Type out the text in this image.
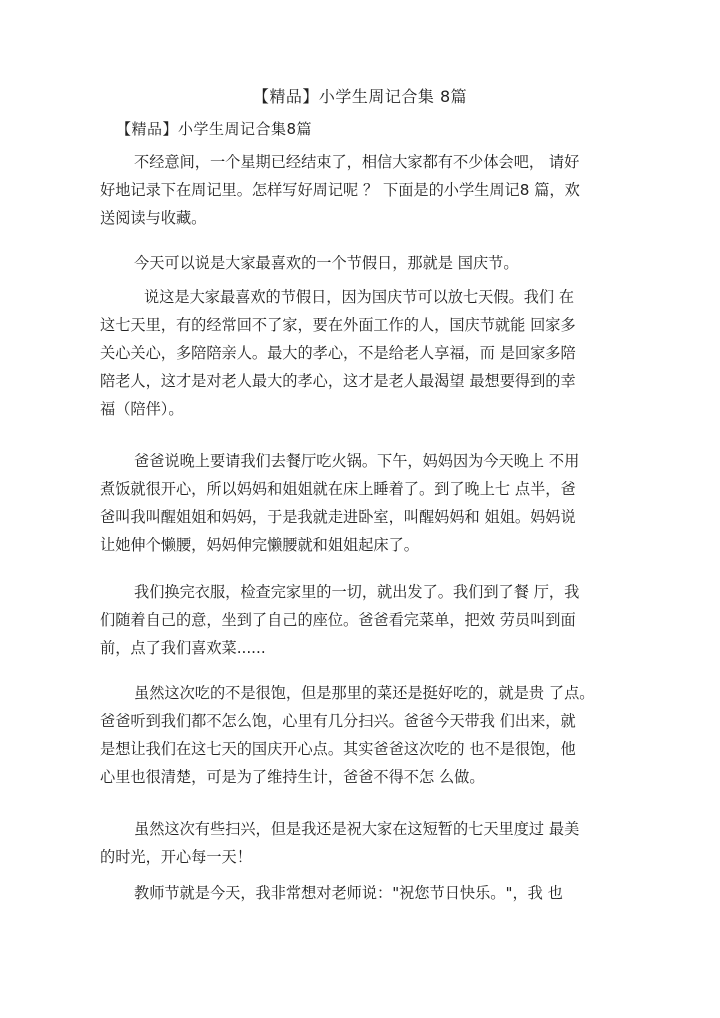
【精品】小学生周记合集 8篇
【精品】小学生周记合集8篇
不经意间，一个星期已经结束了，相信大家都有不少体会吧， 请好
好地记录下在周记里。怎样写好周记呢 ？ 下面是的小学生周记8 篇，欢
送阅读与收藏。
今天可以说是大家最喜欢的一个节假日，那就是 国庆节。
说这是大家最喜欢的节假日，因为国庆节可以放七天假。我们 在
这七天里，有的经常回不了家，要在外面工作的人，国庆节就能 回家多
关心关心，多陪陪亲人。最大的孝心，不是给老人享福，而 是回家多陪
陪老人，这才是对老人最大的孝心，这才是老人最渴望 最想要得到的幸
福（陪伴）。
爸爸说晚上要请我们去餐厅吃火锅。下午，妈妈因为今天晚上 不用
煮饭就很开心，所以妈妈和姐姐就在床上睡着了。到了晚上七 点半，爸
爸叫我叫醒姐姐和妈妈，于是我就走进卧室，叫醒妈妈和 姐姐。妈妈说
让她伸个懒腰，妈妈伸完懒腰就和姐姐起床了。
我们换完衣服，检查完家里的一切，就出发了。我们到了餐 厅，我
们随着自己的意，坐到了自己的座位。爸爸看完菜单，把效 劳员叫到面
前，点了我们喜欢菜......
虽然这次吃的不是很饱，但是那里的菜还是挺好吃的，就是贵 了点。
爸爸听到我们都不怎么饱，心里有几分扫兴。爸爸今天带我 们出来，就
是想让我们在这七天的国庆开心点。其实爸爸这次吃的 也不是很饱，他
心里也很清楚，可是为了维持生计，爸爸不得不怎 么做。
虽然这次有些扫兴，但是我还是祝大家在这短暂的七天里度过 最美
的时光，开心每一天！
教师节就是今天，我非常想对老师说："祝您节日快乐。"，我 也
